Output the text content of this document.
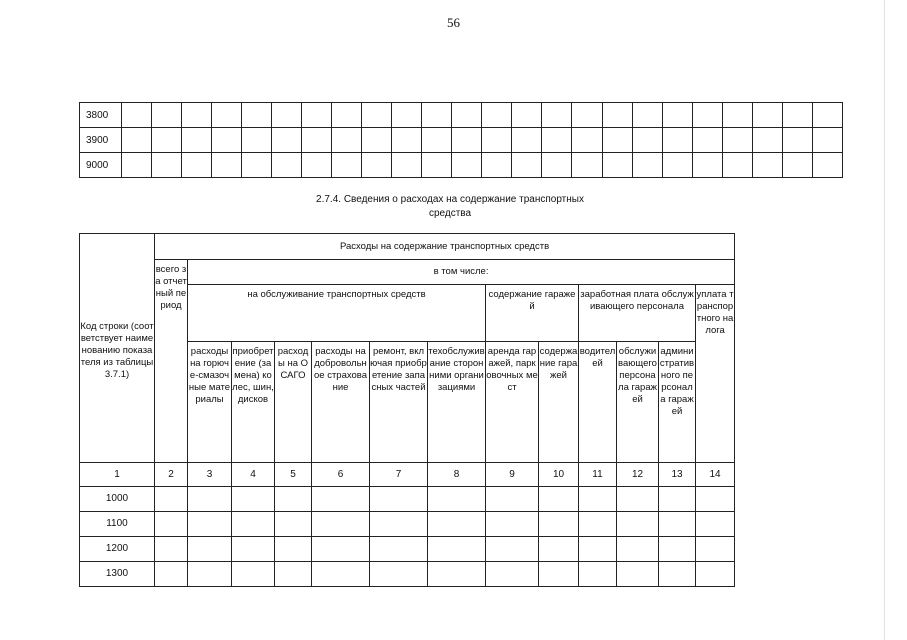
56
3800																								
3900																								
9000																								
2.7.4. Сведения о расходах на содержание транспортных
средства
Код строки (соответствует наименованию показателя из таблицы 3.7.1)	Расходы на содержание транспортных средств												
	всего за отчетный период	в том числе:											
		на обслуживание транспортных средств						содержание гаражей		заработная плата обслуживающего персонала			уплата транспортного налога
		расходы на горюче-смазочные материалы	приобретение (замена) колес, шин, дисков	расходы на ОСАГО	расходы на добровольное страхование	ремонт, включая приобретение запасных частей	техобслуживание сторонними организациями	аренда гаражей, парковочных мест	содержание гаражей	водителей	обслуживающего персонала гаражей	административного персонала гаражей	
1	2	3	4	5	6	7	8	9	10	11	12	13	14
1000													
1100													
1200													
1300													
